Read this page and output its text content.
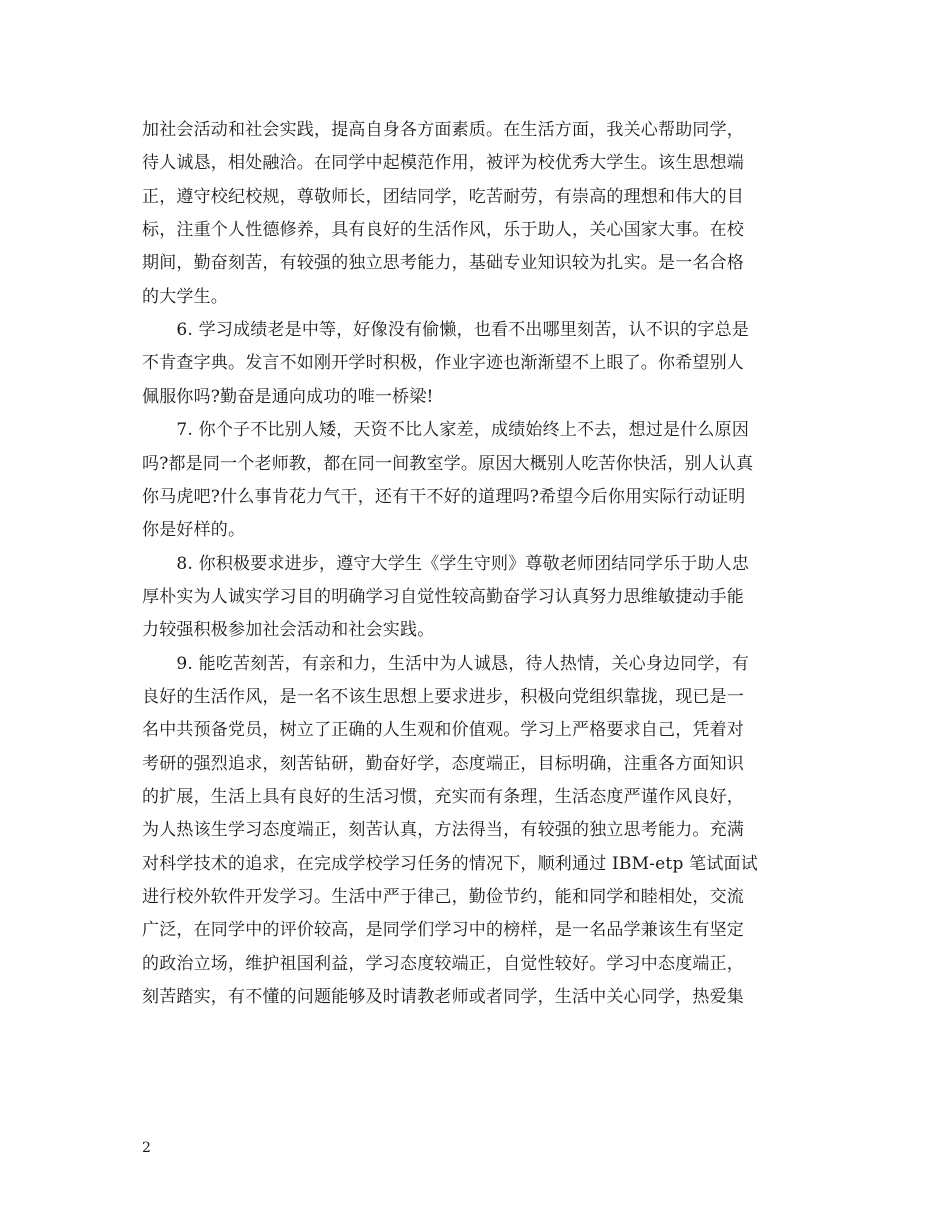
加社会活动和社会实践，提高自身各方面素质。在生活方面，我关心帮助同学，
待人诚恳，相处融洽。在同学中起模范作用，被评为校优秀大学生。该生思想端
正，遵守校纪校规，尊敬师长，团结同学，吃苦耐劳，有崇高的理想和伟大的目
标，注重个人性德修养，具有良好的生活作风，乐于助人，关心国家大事。在校
期间，勤奋刻苦，有较强的独立思考能力，基础专业知识较为扎实。是一名合格
的大学生。
　　6. 学习成绩老是中等，好像没有偷懒，也看不出哪里刻苦，认不识的字总是
不肯查字典。发言不如刚开学时积极，作业字迹也渐渐望不上眼了。你希望别人
佩服你吗?勤奋是通向成功的唯一桥梁!
　　7. 你个子不比别人矮，天资不比人家差，成绩始终上不去，想过是什么原因
吗?都是同一个老师教，都在同一间教室学。原因大概别人吃苦你快活，别人认真
你马虎吧?什么事肯花力气干，还有干不好的道理吗?希望今后你用实际行动证明
你是好样的。
　　8. 你积极要求进步，遵守大学生《学生守则》尊敬老师团结同学乐于助人忠
厚朴实为人诚实学习目的明确学习自觉性较高勤奋学习认真努力思维敏捷动手能
力较强积极参加社会活动和社会实践。
　　9. 能吃苦刻苦，有亲和力，生活中为人诚恳，待人热情，关心身边同学，有
良好的生活作风，是一名不该生思想上要求进步，积极向党组织靠拢，现已是一
名中共预备党员，树立了正确的人生观和价值观。学习上严格要求自己，凭着对
考研的强烈追求，刻苦钻研，勤奋好学，态度端正，目标明确，注重各方面知识
的扩展，生活上具有良好的生活习惯，充实而有条理，生活态度严谨作风良好，
为人热该生学习态度端正，刻苦认真，方法得当，有较强的独立思考能力。充满
对科学技术的追求，在完成学校学习任务的情况下，顺利通过 IBM-etp 笔试面试
进行校外软件开发学习。生活中严于律己，勤俭节约，能和同学和睦相处，交流
广泛，在同学中的评价较高，是同学们学习中的榜样，是一名品学兼该生有坚定
的政治立场，维护祖国利益，学习态度较端正，自觉性较好。学习中态度端正，
刻苦踏实，有不懂的问题能够及时请教老师或者同学，生活中关心同学，热爱集
2
